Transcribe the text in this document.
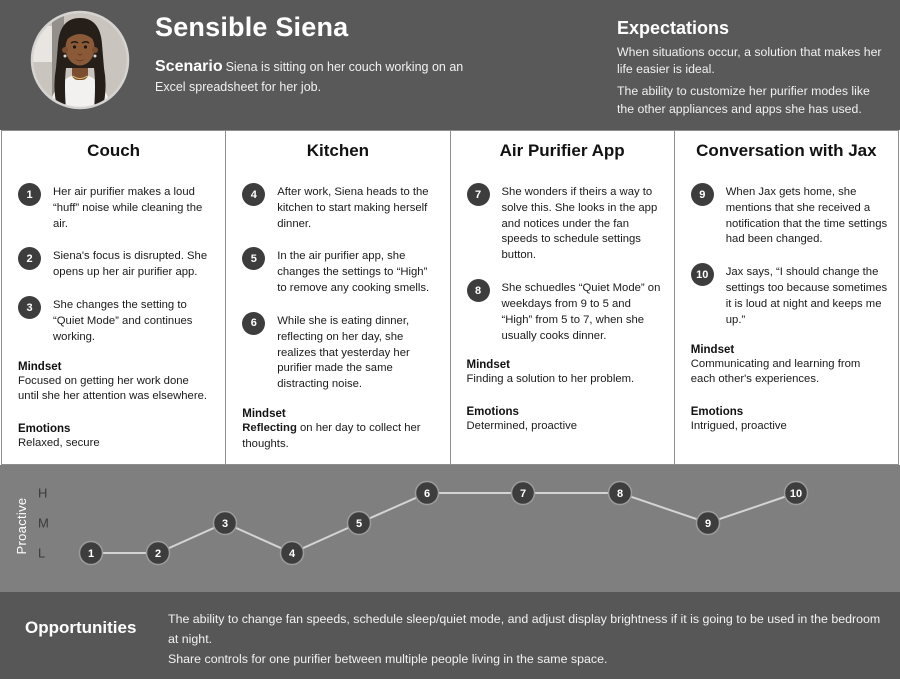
Sensible Siena

Scenario Siena is sitting on her couch working on an Excel spreadsheet for her job.

Expectations

When situations occur, a solution that makes her life easier is ideal.

The ability to customize her purifier modes like the other appliances and apps she has used.

Couch
1	Her air purifier makes a loud “huff” noise while cleaning the air.

2	Siena's focus is disrupted. She opens up her air purifier app.

3	She changes the setting to “Quiet Mode” and continues working.

Mindset

Focused on getting her work done until she her attention was elsewhere.

Emotions

Relaxed, secure

Kitchen
4	After work, Siena heads to the kitchen to start making herself dinner.

5	In the air purifier app, she changes the settings to “High” to remove any cooking smells.

6	While she is eating dinner, reflecting on her day, she realizes that yesterday her purifier made the same distracting noise.

Mindset

Reflecting on her day to collect her thoughts.

Air Purifier App
7	She wonders if theirs a way to solve this. She looks in the app and notices under the fan speeds to schedule settings button.

8	She schuedles “Quiet Mode” on weekdays from 9 to 5 and “High” from 5 to 7, when she usually cooks dinner.

Mindset

Finding a solution to her problem.

Emotions

Determined, proactive

Conversation with Jax
9	When Jax gets home, she mentions that she received a notification that the time settings had been changed.

10	Jax says, “I should change the settings too because sometimes it is loud at night and keeps me up.”

Mindset

Communicating and learning from each other's experiences.

Emotions

Intrigued, proactive

Proactive
H
M
L	1	2
3
4
5
6	7	8
9
10
Opportunities	The ability to change fan speeds, schedule sleep/quiet mode, and adjust display brightness if it is going to be used in the bedroom at night.

Share controls for one purifier between multiple people living in the same space.
